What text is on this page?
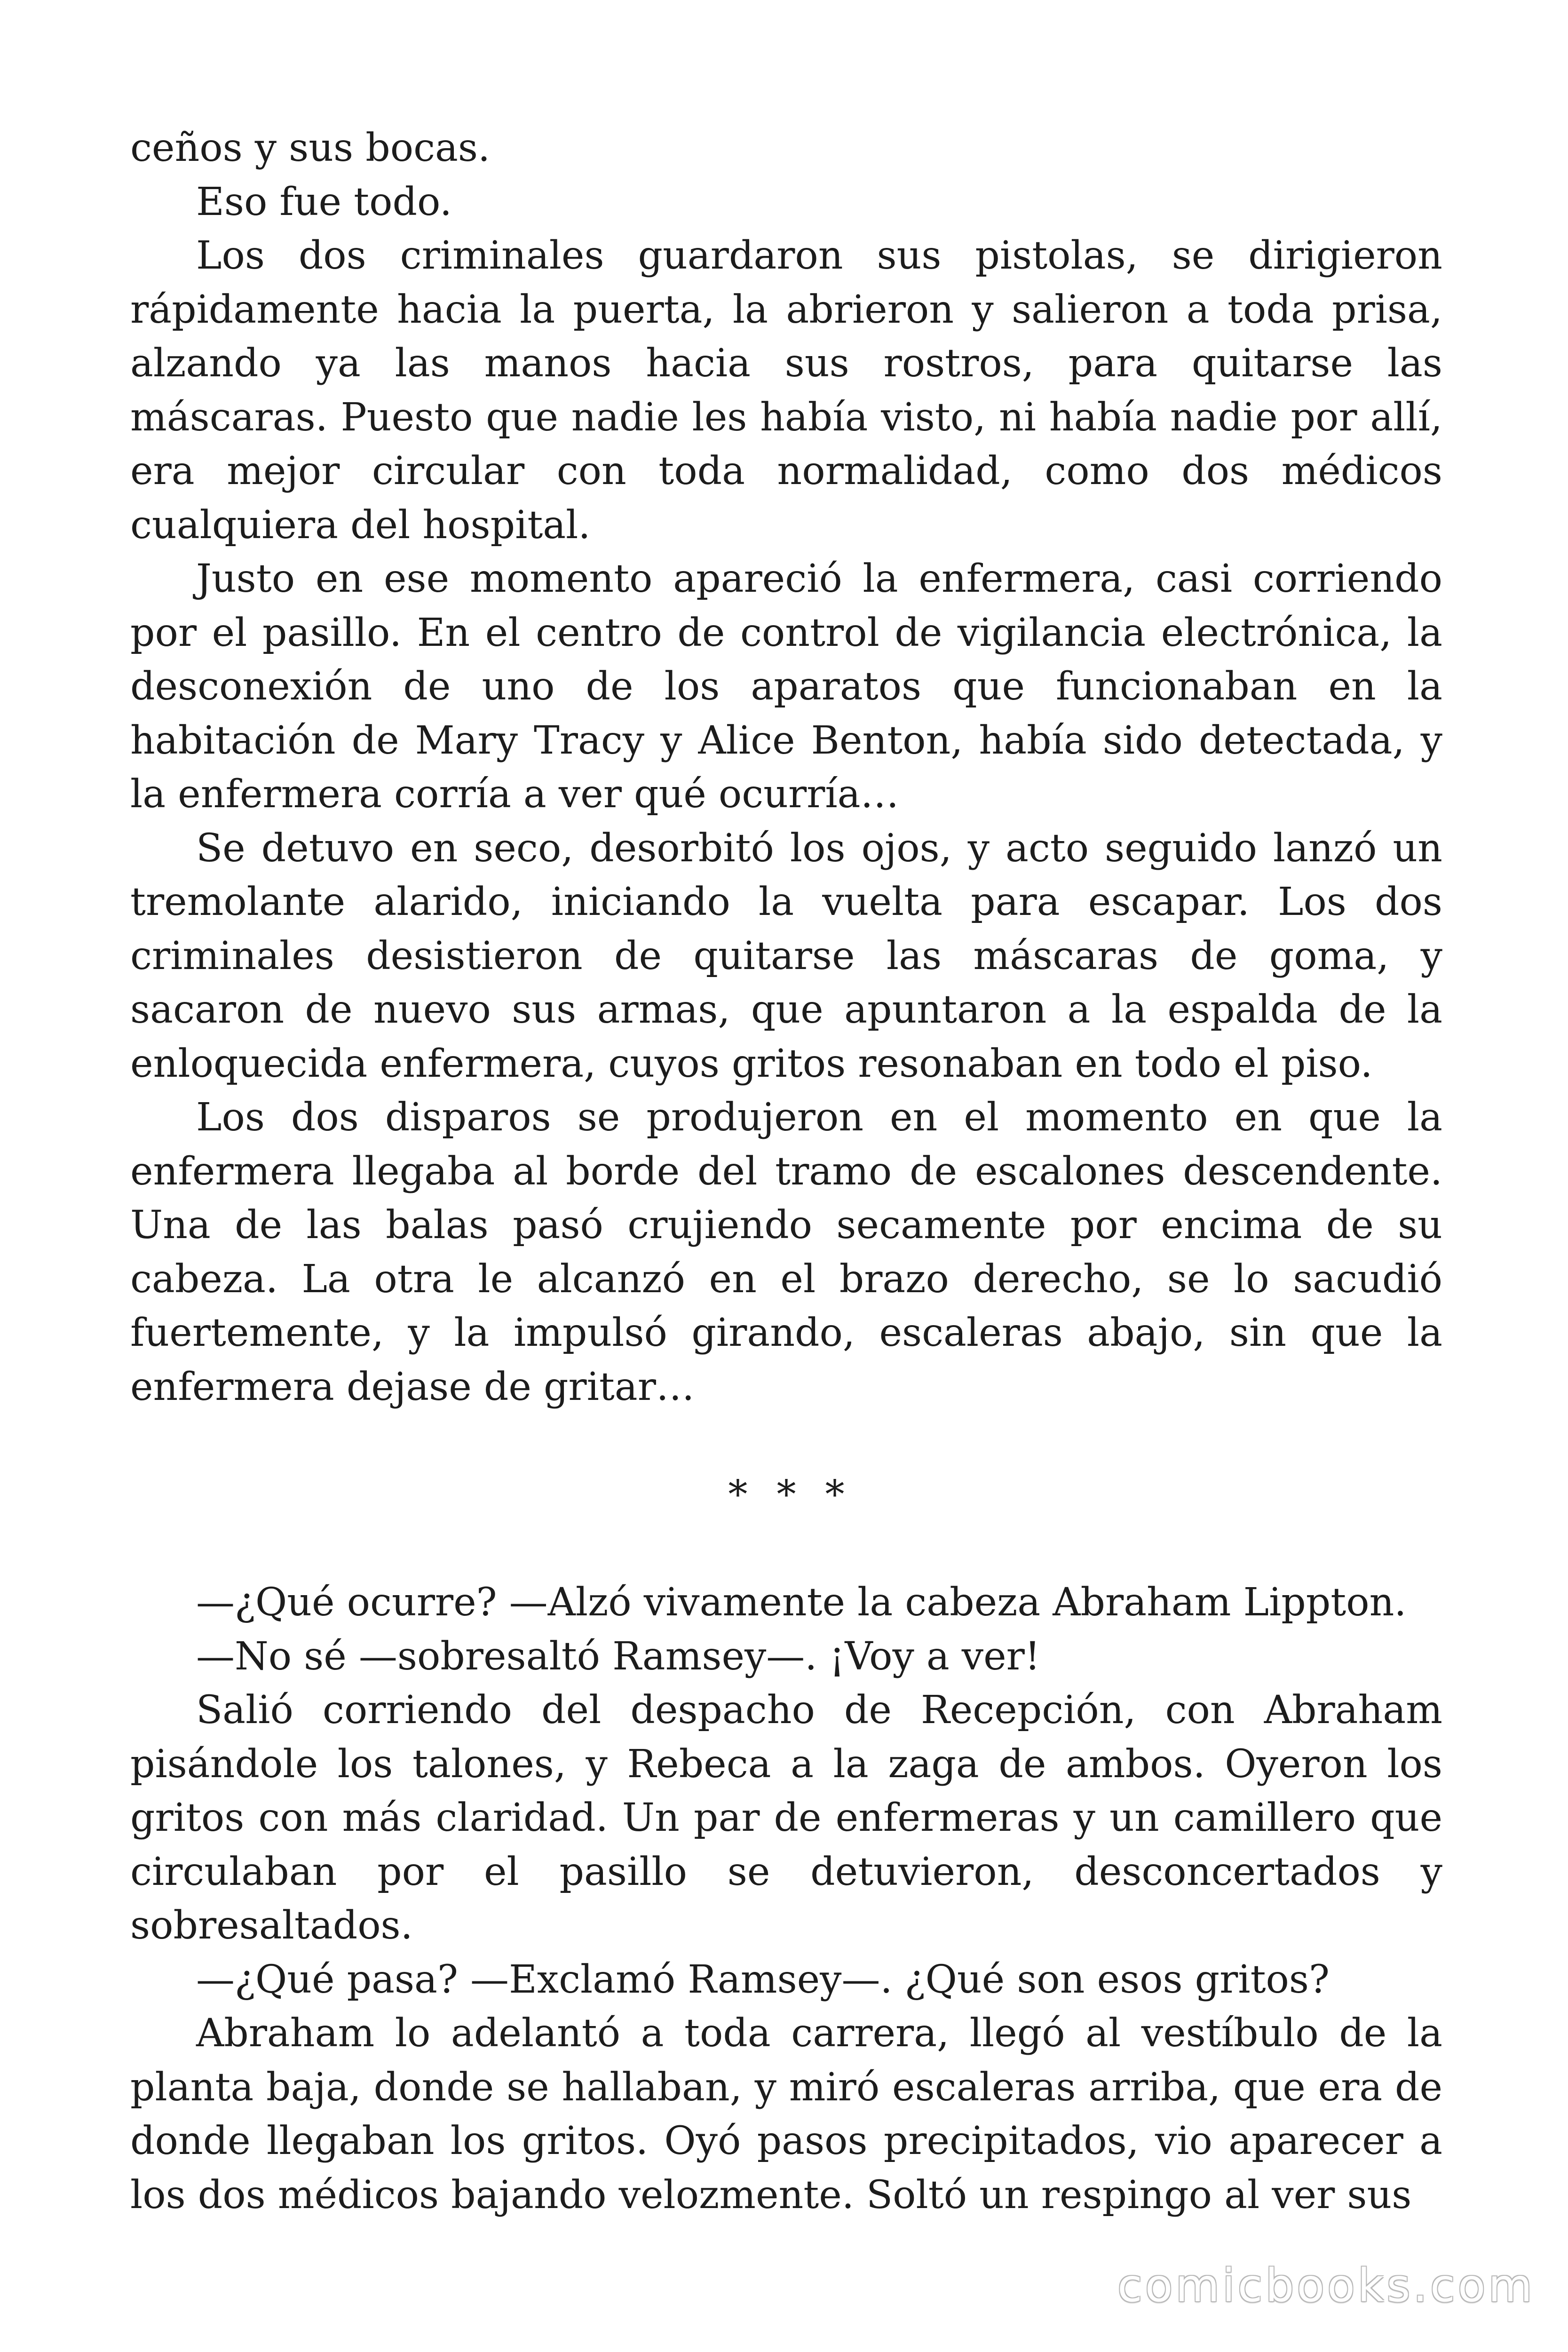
ceños y sus bocas.

Eso fue todo.

Los dos criminales guardaron sus pistolas, se dirigieron rápidamente hacia la puerta, la abrieron y salieron a toda prisa, alzando ya las manos hacia sus rostros, para quitarse las máscaras. Puesto que nadie les había visto, ni había nadie por allí, era mejor circular con toda normalidad, como dos médicos cualquiera del hospital.

Justo en ese momento apareció la enfermera, casi corriendo por el pasillo. En el centro de control de vigilancia electrónica, la desconexión de uno de los aparatos que funcionaban en la habitación de Mary Tracy y Alice Benton, había sido detectada, y la enfermera corría a ver qué ocurría…

Se detuvo en seco, desorbitó los ojos, y acto seguido lanzó un tremolante alarido, iniciando la vuelta para escapar. Los dos criminales desistieron de quitarse las máscaras de goma, y sacaron de nuevo sus armas, que apuntaron a la espalda de la enloquecida enfermera, cuyos gritos resonaban en todo el piso.

Los dos disparos se produjeron en el momento en que la enfermera llegaba al borde del tramo de escalones descendente. Una de las balas pasó crujiendo secamente por encima de su cabeza. La otra le alcanzó en el brazo derecho, se lo sacudió fuertemente, y la impulsó girando, escaleras abajo, sin que la enfermera dejase de gritar…

* * *

—¿Qué ocurre? —Alzó vivamente la cabeza Abraham Lippton.

—No sé —sobresaltó Ramsey—. ¡Voy a ver!

Salió corriendo del despacho de Recepción, con Abraham pisándole los talones, y Rebeca a la zaga de ambos. Oyeron los gritos con más claridad. Un par de enfermeras y un camillero que circulaban por el pasillo se detuvieron, desconcertados y sobresaltados.

—¿Qué pasa? —Exclamó Ramsey—. ¿Qué son esos gritos?

Abraham lo adelantó a toda carrera, llegó al vestíbulo de la planta baja, donde se hallaban, y miró escaleras arriba, que era de donde llegaban los gritos. Oyó pasos precipitados, vio aparecer a los dos médicos bajando velozmente. Soltó un respingo al ver sus

comicbooks.com
